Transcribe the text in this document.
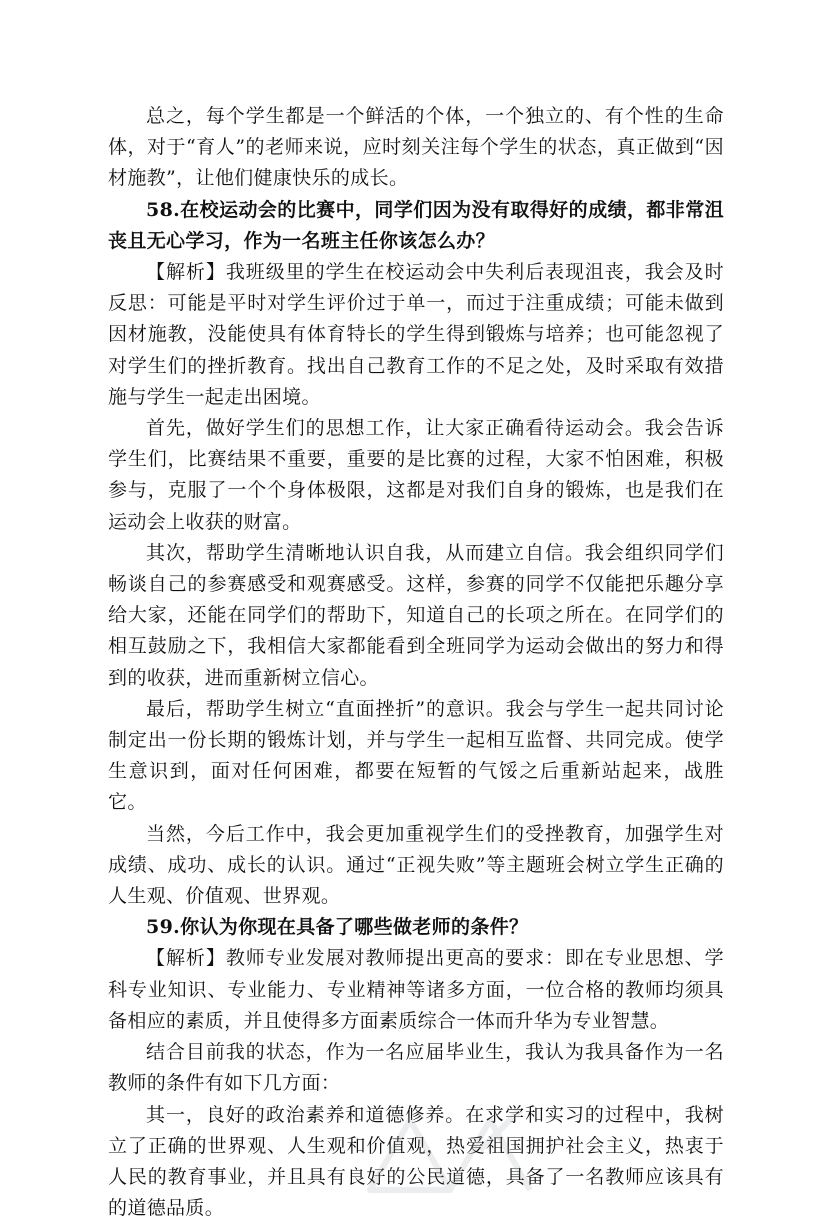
总之，每个学生都是一个鲜活的个体，一个独立的、有个性的生命体，对于“育人”的老师来说，应时刻关注每个学生的状态，真正做到“因材施教”，让他们健康快乐的成长。

58.在校运动会的比赛中，同学们因为没有取得好的成绩，都非常沮丧且无心学习，作为一名班主任你该怎么办？

【解析】我班级里的学生在校运动会中失利后表现沮丧，我会及时反思：可能是平时对学生评价过于单一，而过于注重成绩；可能未做到因材施教，没能使具有体育特长的学生得到锻炼与培养；也可能忽视了对学生们的挫折教育。找出自己教育工作的不足之处，及时采取有效措施与学生一起走出困境。

首先，做好学生们的思想工作，让大家正确看待运动会。我会告诉学生们，比赛结果不重要，重要的是比赛的过程，大家不怕困难，积极参与，克服了一个个身体极限，这都是对我们自身的锻炼，也是我们在运动会上收获的财富。

其次，帮助学生清晰地认识自我，从而建立自信。我会组织同学们畅谈自己的参赛感受和观赛感受。这样，参赛的同学不仅能把乐趣分享给大家，还能在同学们的帮助下，知道自己的长项之所在。在同学们的相互鼓励之下，我相信大家都能看到全班同学为运动会做出的努力和得到的收获，进而重新树立信心。

最后，帮助学生树立“直面挫折”的意识。我会与学生一起共同讨论制定出一份长期的锻炼计划，并与学生一起相互监督、共同完成。使学生意识到，面对任何困难，都要在短暂的气馁之后重新站起来，战胜它。

当然，今后工作中，我会更加重视学生们的受挫教育，加强学生对成绩、成功、成长的认识。通过“正视失败”等主题班会树立学生正确的人生观、价值观、世界观。

59.你认为你现在具备了哪些做老师的条件？

【解析】教师专业发展对教师提出更高的要求：即在专业思想、学科专业知识、专业能力、专业精神等诸多方面，一位合格的教师均须具备相应的素质，并且使得多方面素质综合一体而升华为专业智慧。

结合目前我的状态，作为一名应届毕业生，我认为我具备作为一名教师的条件有如下几方面：

其一，良好的政治素养和道德修养。在求学和实习的过程中，我树立了正确的世界观、人生观和价值观，热爱祖国拥护社会主义，热衷于人民的教育事业，并且具有良好的公民道德，具备了一名教师应该具有的道德品质。
